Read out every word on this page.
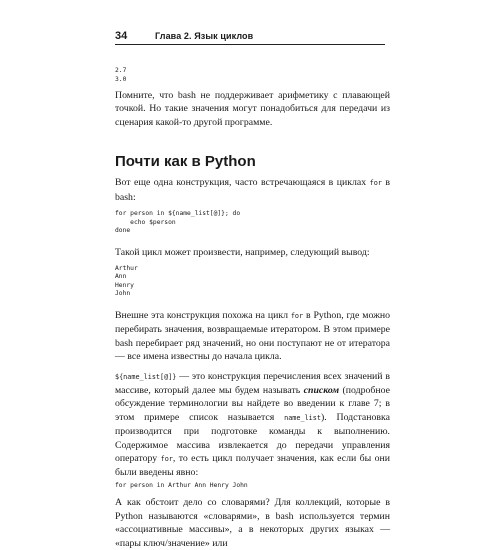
34	Глава 2. Язык циклов
2.7
3.0

Помните, что bash не поддерживает арифметику с плавающей точкой. Но такие значения могут понадобиться для передачи из сценария какой-то другой программе.

Почти как в Python

Вот еще одна конструкция, часто встречающаяся в циклах for в bash:

for person in ${name_list[@]}; do
echo $person
done

Такой цикл может произвести, например, следующий вывод:

Arthur
Ann
Henry
John

Внешне эта конструкция похожа на цикл for в Python, где можно перебирать значения, возвращаемые итератором. В этом примере bash перебирает ряд значений, но они поступают не от итератора — все имена известны до начала цикла.

${name_list[@]} — это конструкция перечисления всех значений в массиве, который далее мы будем называть списком (подробное обсуждение терминологии вы найдете во введении к главе 7; в этом примере список называется name_list). Подстановка производится при подготовке команды к выполнению. Содержимое массива извлекается до передачи управления оператору for, то есть цикл получает значения, как если бы они были введены явно:

for person in Arthur Ann Henry John

А как обстоит дело со словарями? Для коллекций, которые в Python называются «словарями», в bash используется термин «ассоциативные массивы», а в некоторых других языках — «пары ключ/значение» или
